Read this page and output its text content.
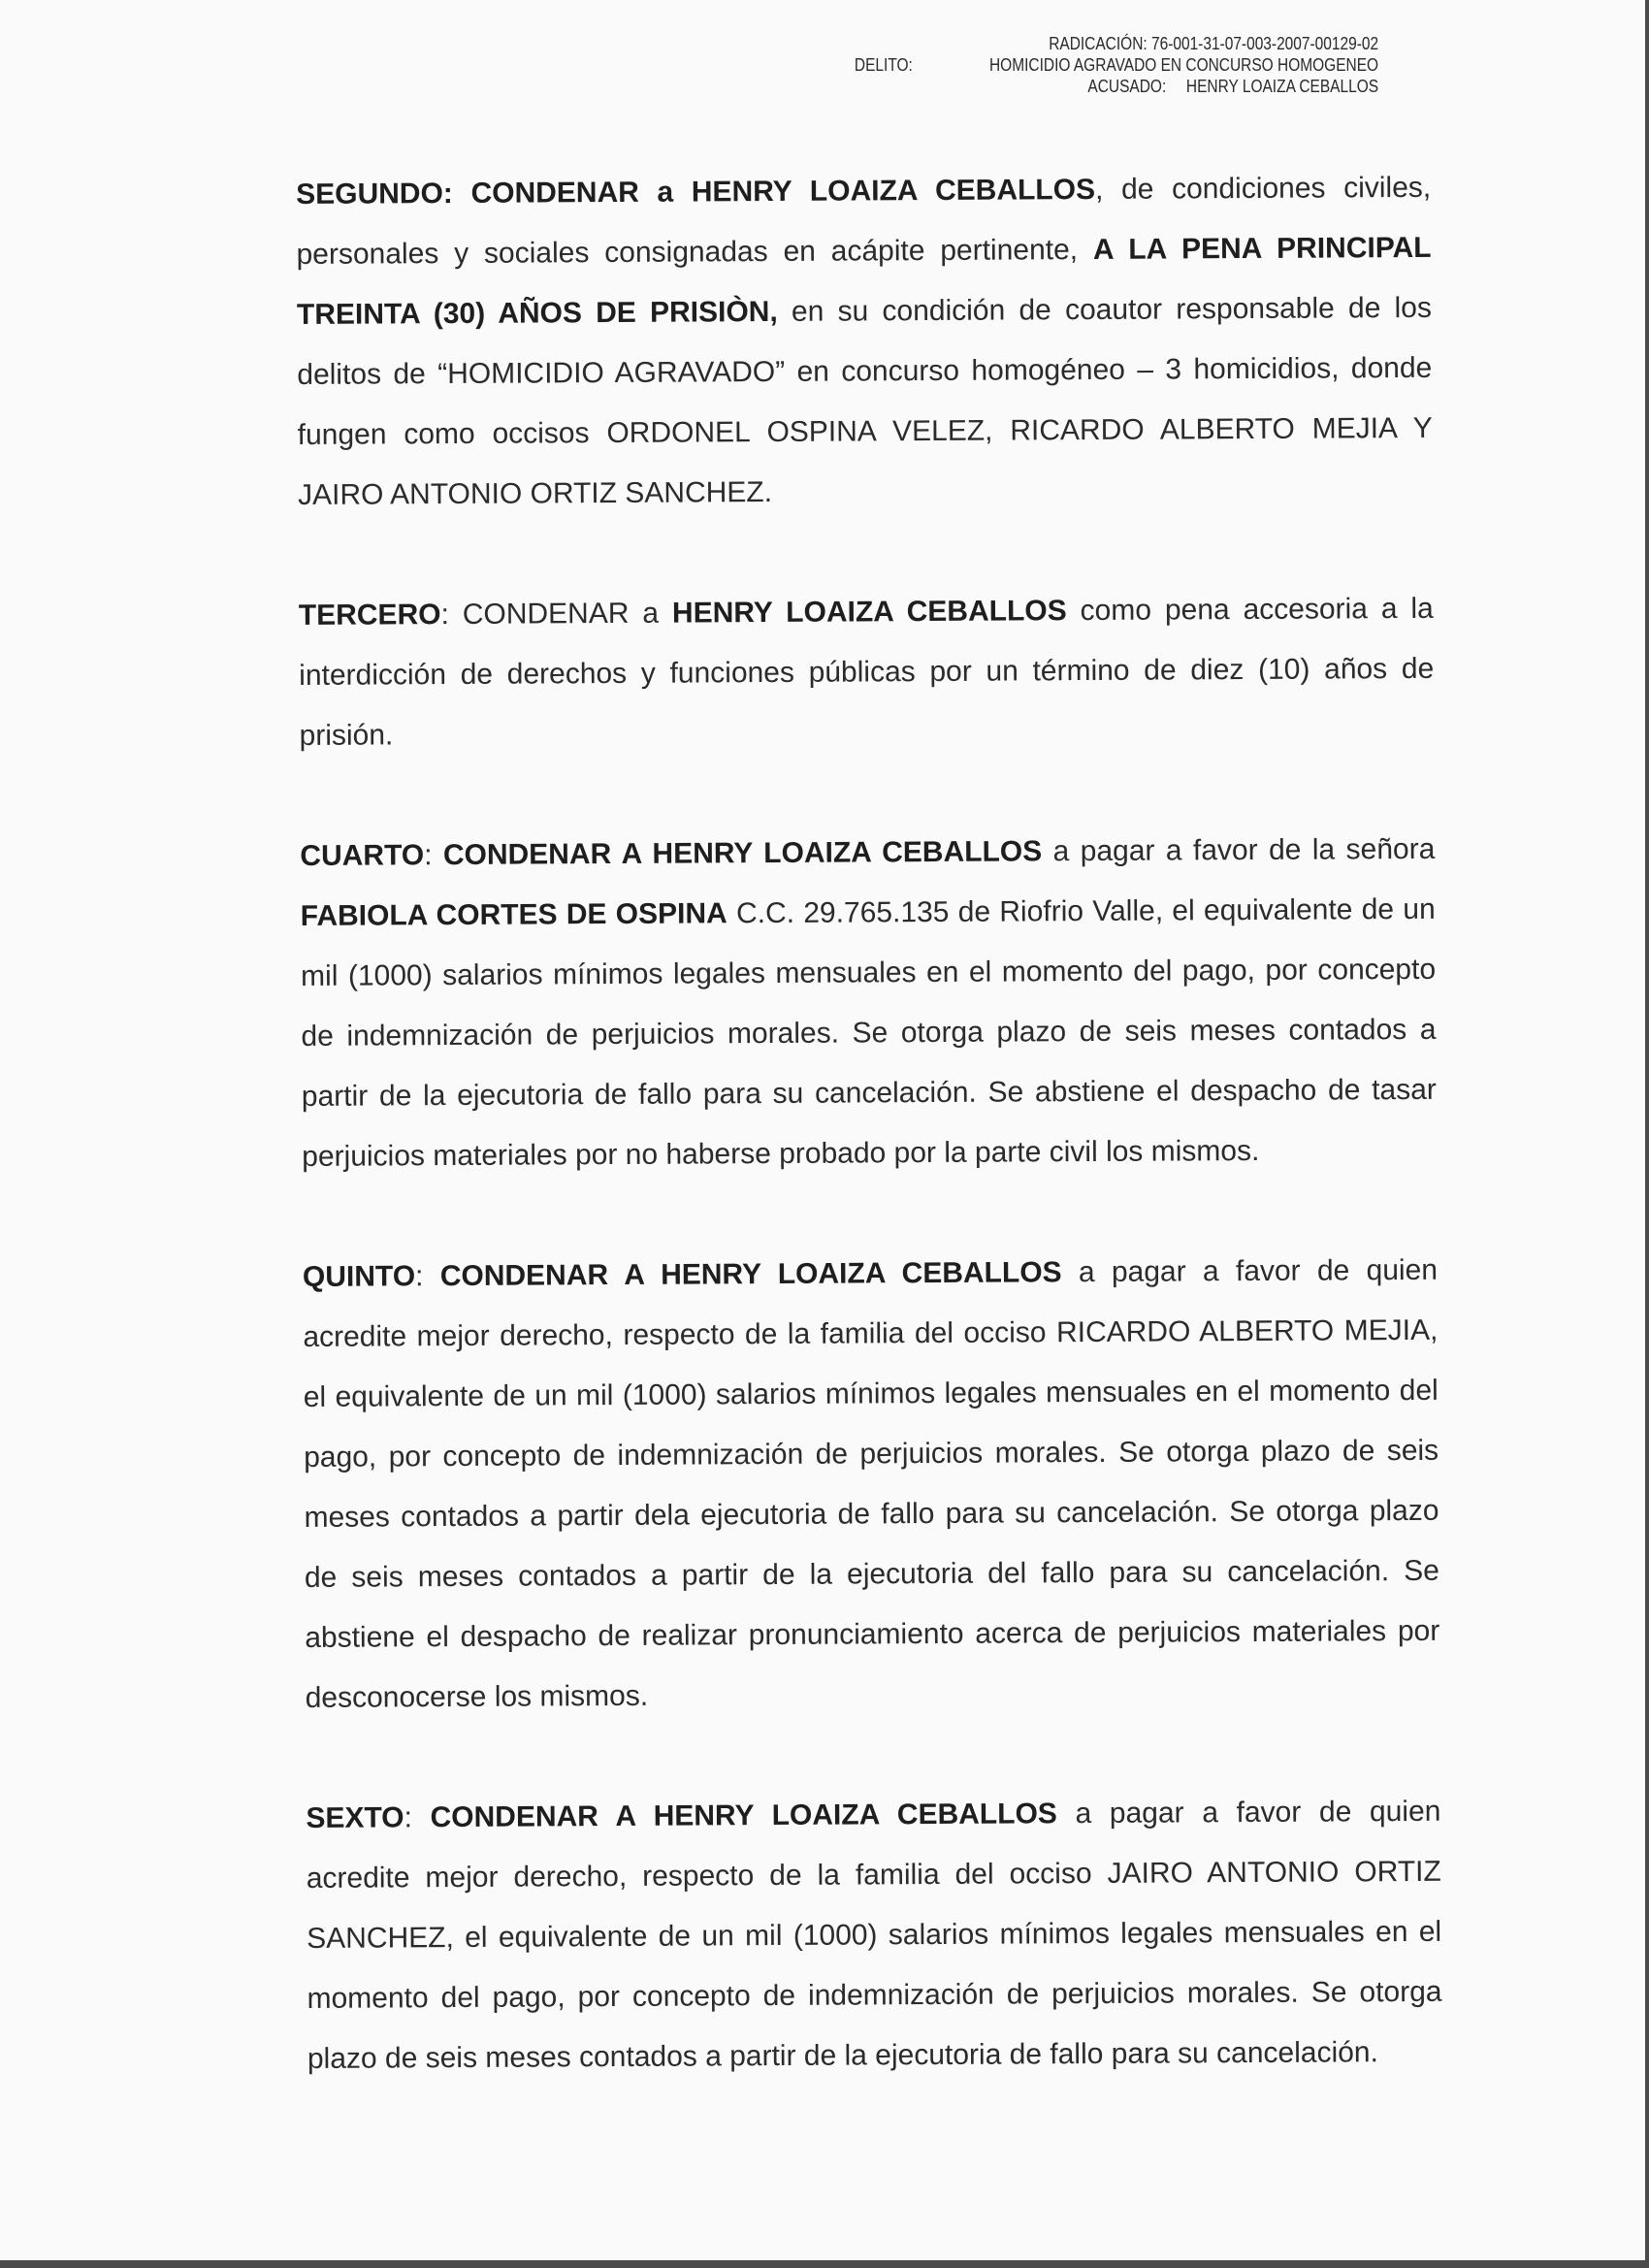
RADICACIÓN: 76-001-31-07-003-2007-00129-02
DELITO:	HOMICIDIO AGRAVADO EN CONCURSO HOMOGENEO
ACUSADO: HENRY LOAIZA CEBALLOS

SEGUNDO: CONDENAR a HENRY LOAIZA CEBALLOS, de condiciones civiles, personales y sociales consignadas en acápite pertinente, A LA PENA PRINCIPAL TREINTA (30) AÑOS DE PRISIÒN, en su condición de coautor responsable de los delitos de “HOMICIDIO AGRAVADO” en concurso homogéneo – 3 homicidios, donde fungen como occisos ORDONEL OSPINA VELEZ, RICARDO ALBERTO MEJIA Y JAIRO ANTONIO ORTIZ SANCHEZ.

TERCERO: CONDENAR a HENRY LOAIZA CEBALLOS como pena accesoria a la interdicción de derechos y funciones públicas por un término de diez (10) años de prisión.

CUARTO: CONDENAR A HENRY LOAIZA CEBALLOS a pagar a favor de la señora FABIOLA CORTES DE OSPINA C.C. 29.765.135 de Riofrio Valle, el equivalente de un mil (1000) salarios mínimos legales mensuales en el momento del pago, por concepto de indemnización de perjuicios morales. Se otorga plazo de seis meses contados a partir de la ejecutoria de fallo para su cancelación. Se abstiene el despacho de tasar perjuicios materiales por no haberse probado por la parte civil los mismos.

QUINTO: CONDENAR A HENRY LOAIZA CEBALLOS a pagar a favor de quien acredite mejor derecho, respecto de la familia del occiso RICARDO ALBERTO MEJIA, el equivalente de un mil (1000) salarios mínimos legales mensuales en el momento del pago, por concepto de indemnización de perjuicios morales. Se otorga plazo de seis meses contados a partir dela ejecutoria de fallo para su cancelación. Se otorga plazo de seis meses contados a partir de la ejecutoria del fallo para su cancelación. Se abstiene el despacho de realizar pronunciamiento acerca de perjuicios materiales por desconocerse los mismos.

SEXTO: CONDENAR A HENRY LOAIZA CEBALLOS a pagar a favor de quien acredite mejor derecho, respecto de la familia del occiso JAIRO ANTONIO ORTIZ SANCHEZ, el equivalente de un mil (1000) salarios mínimos legales mensuales en el momento del pago, por concepto de indemnización de perjuicios morales. Se otorga plazo de seis meses contados a partir de la ejecutoria de fallo para su cancelación.
